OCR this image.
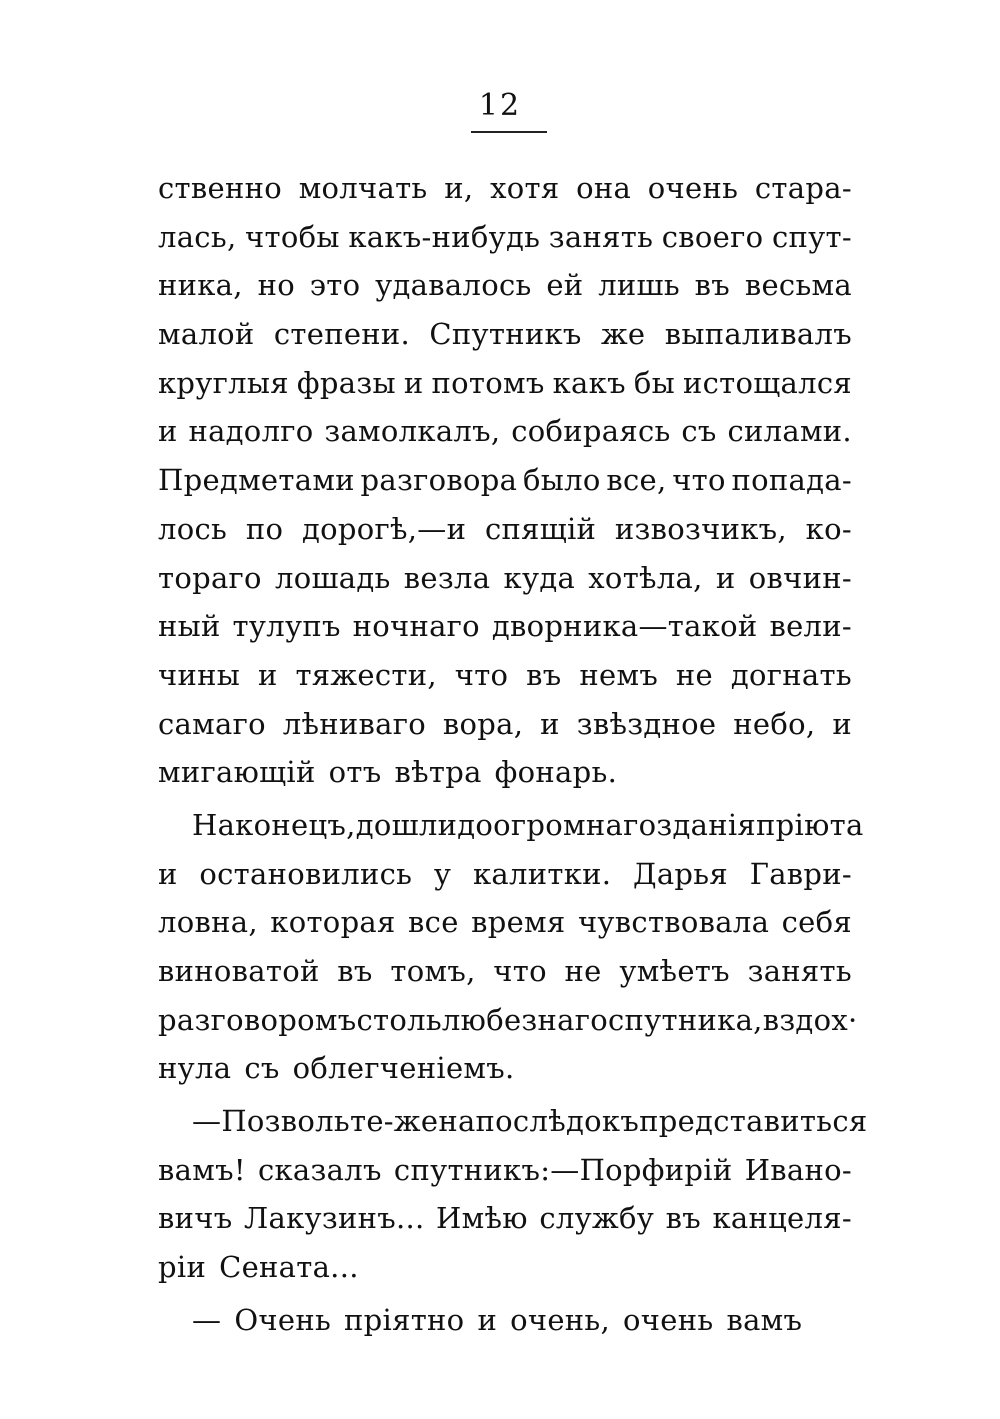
12
ственно молчать и, хотя она очень стара-
лась, чтобы какъ-нибудь занять своего спут-
ника, но это удавалось ей лишь въ весьма
малой степени. Спутникъ же выпаливалъ
круглыя фразы и потомъ какъ бы истощался
и надолго замолкалъ, собираясь съ силами.
Предметами разговора было все, что попада-
лось по дорогѣ,—и спящій извозчикъ, ко-
тораго лошадь везла куда хотѣла, и овчин-
ный тулупъ ночнаго дворника—такой вели-
чины и тяжести, что въ немъ не догнать
самаго лѣниваго вора, и звѣздное небо, и
мигающій отъ вѣтра фонарь.
Наконецъ, дошли до огромнаго зданія пріюта
и остановились у калитки. Дарья Гаври-
ловна, которая все время чувствовала себя
виноватой въ томъ, что не умѣетъ занять
разговоромъ столь любезнаго спутника, вздох·
нула съ облегченіемъ.
— Позвольте-же напослѣдокъ представиться
вамъ! сказалъ спутникъ:—Порфирій Ивано-
вичъ Лакузинъ... Имѣю службу въ канцеля-
ріи Сената...
— Очень пріятно и очень, очень вамъ
